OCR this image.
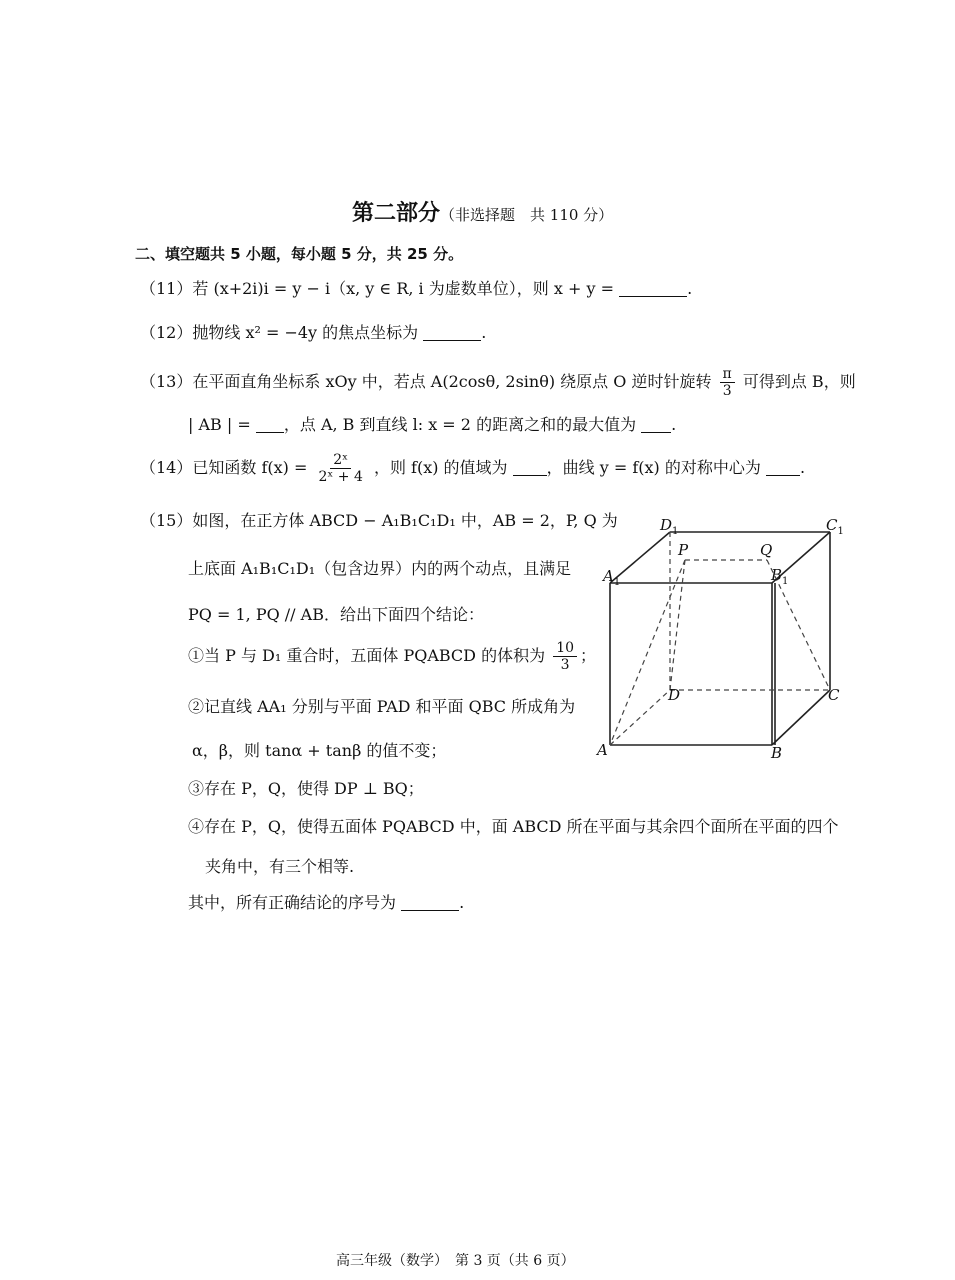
第二部分（非选择题　共 110 分）
二、填空题共 5 小题，每小题 5 分，共 25 分。
（11）若 (x+2i)i = y − i（x, y ∈ R, i 为虚数单位），则 x + y =	.
（12）抛物线 x² = −4y 的焦点坐标为	.
（13）在平面直角坐标系 xOy 中，若点 A(2cosθ, 2sinθ) 绕原点 O 逆时针旋转 $\frac{\pi}{3}$ 可得到点 B，则
| AB | = ，点 A, B 到直线 l: x = 2 的距离之和的最大值为 .
（14）已知函数 $f(x) = \frac{\text{2ˣ}}{\text{2ˣ + 4}}$ ，则 f(x) 的值域为 ，曲线 y = f(x) 的对称中心为 .
（15）如图，在正方体 ABCD − A₁B₁C₁D₁ 中，AB = 2，P, Q 为
上底面 A₁B₁C₁D₁（包含边界）内的两个动点，且满足
PQ = 1, PQ // AB．给出下面四个结论：
①当 P 与 D₁ 重合时，五面体 PQABCD 的体积为 $\frac{10}{3}$ ；
②记直线 AA₁ 分别与平面 PAD 和平面 QBC 所成角为
α，β，则 tanα + tanβ 的值不变；
③存在 P，Q，使得 DP ⊥ BQ；
④存在 P，Q，使得五面体 PQABCD 中，面 ABCD 所在平面与其余四个面所在平面的四个
夹角中，有三个相等.
其中，所有正确结论的序号为	.
$D_1$	$C_1$
P	Q
$A_1$	$B_1$
D	C
A	B
高三年级（数学）　第 3 页（共 6 页）
